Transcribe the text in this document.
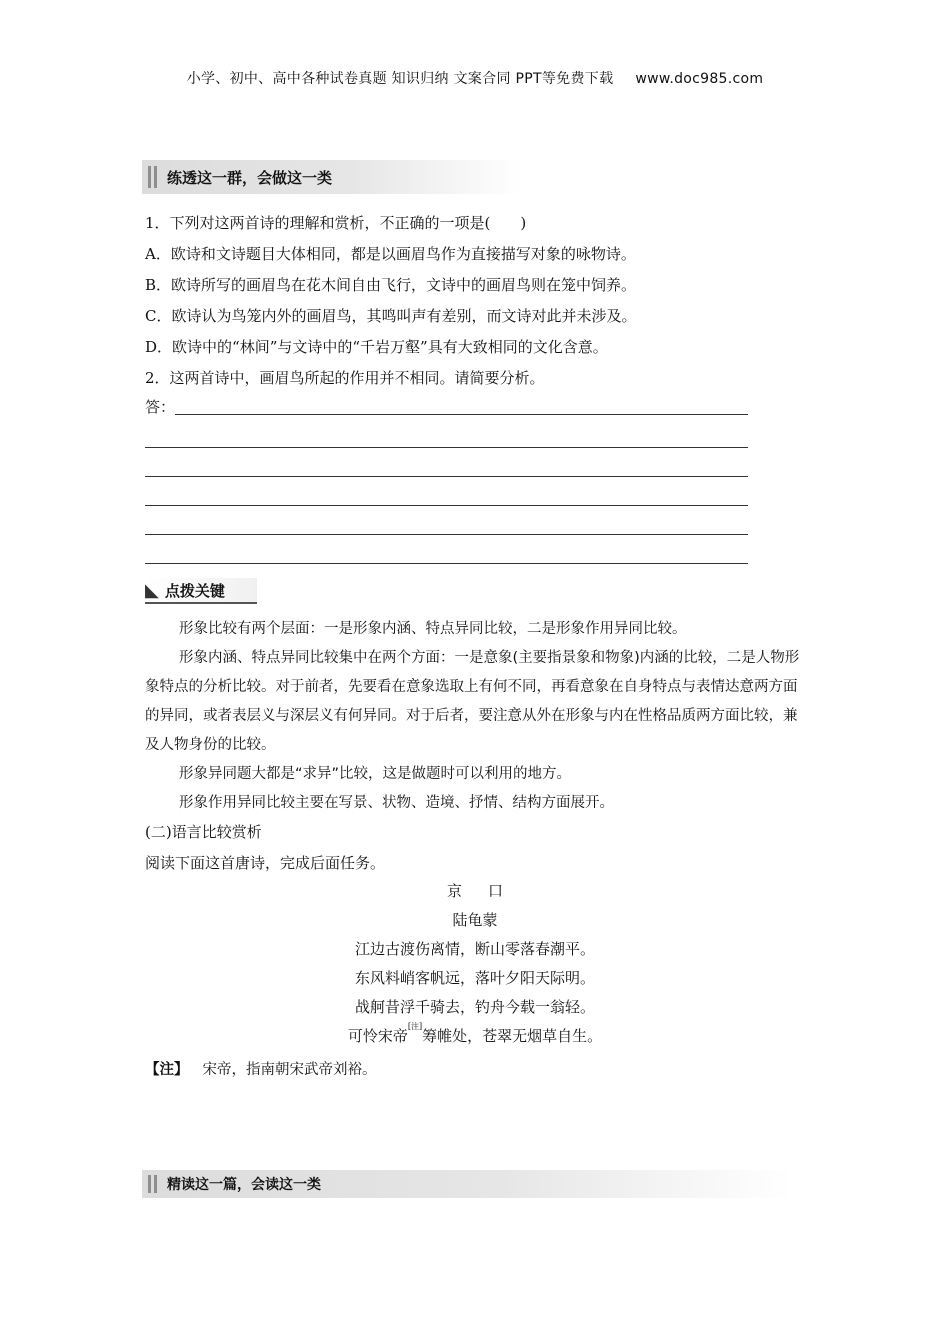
小学、初中、高中各种试卷真题 知识归纳 文案合同 PPT等免费下载 www.doc985.com
练透这一群，会做这一类
1．下列对这两首诗的理解和赏析，不正确的一项是(　　)
A．欧诗和文诗题目大体相同，都是以画眉鸟作为直接描写对象的咏物诗。
B．欧诗所写的画眉鸟在花木间自由飞行，文诗中的画眉鸟则在笼中饲养。
C．欧诗认为鸟笼内外的画眉鸟，其鸣叫声有差别，而文诗对此并未涉及。
D．欧诗中的“林间”与文诗中的“千岩万壑”具有大致相同的文化含意。
2．这两首诗中，画眉鸟所起的作用并不相同。请简要分析。
答：
◣ 点拨关键

形象比较有两个层面：一是形象内涵、特点异同比较，二是形象作用异同比较。

形象内涵、特点异同比较集中在两个方面：一是意象(主要指景象和物象)内涵的比较，二是人物形象特点的分析比较。对于前者，先要看在意象选取上有何不同，再看意象在自身特点与表情达意两方面的异同，或者表层义与深层义有何异同。对于后者，要注意从外在形象与内在性格品质两方面比较，兼及人物身份的比较。

形象异同题大都是“求异”比较，这是做题时可以利用的地方。

形象作用异同比较主要在写景、状物、造境、抒情、结构方面展开。

(二)语言比较赏析
阅读下面这首唐诗，完成后面任务。
京口
陆龟蒙
江边古渡伤离情，断山零落春潮平。
东风料峭客帆远，落叶夕阳天际明。
战舸昔浮千骑去，钓舟今载一翁轻。
可怜宋帝[注]筹帷处，苍翠无烟草自生。
【注】 宋帝，指南朝宋武帝刘裕。
精读这一篇，会读这一类
